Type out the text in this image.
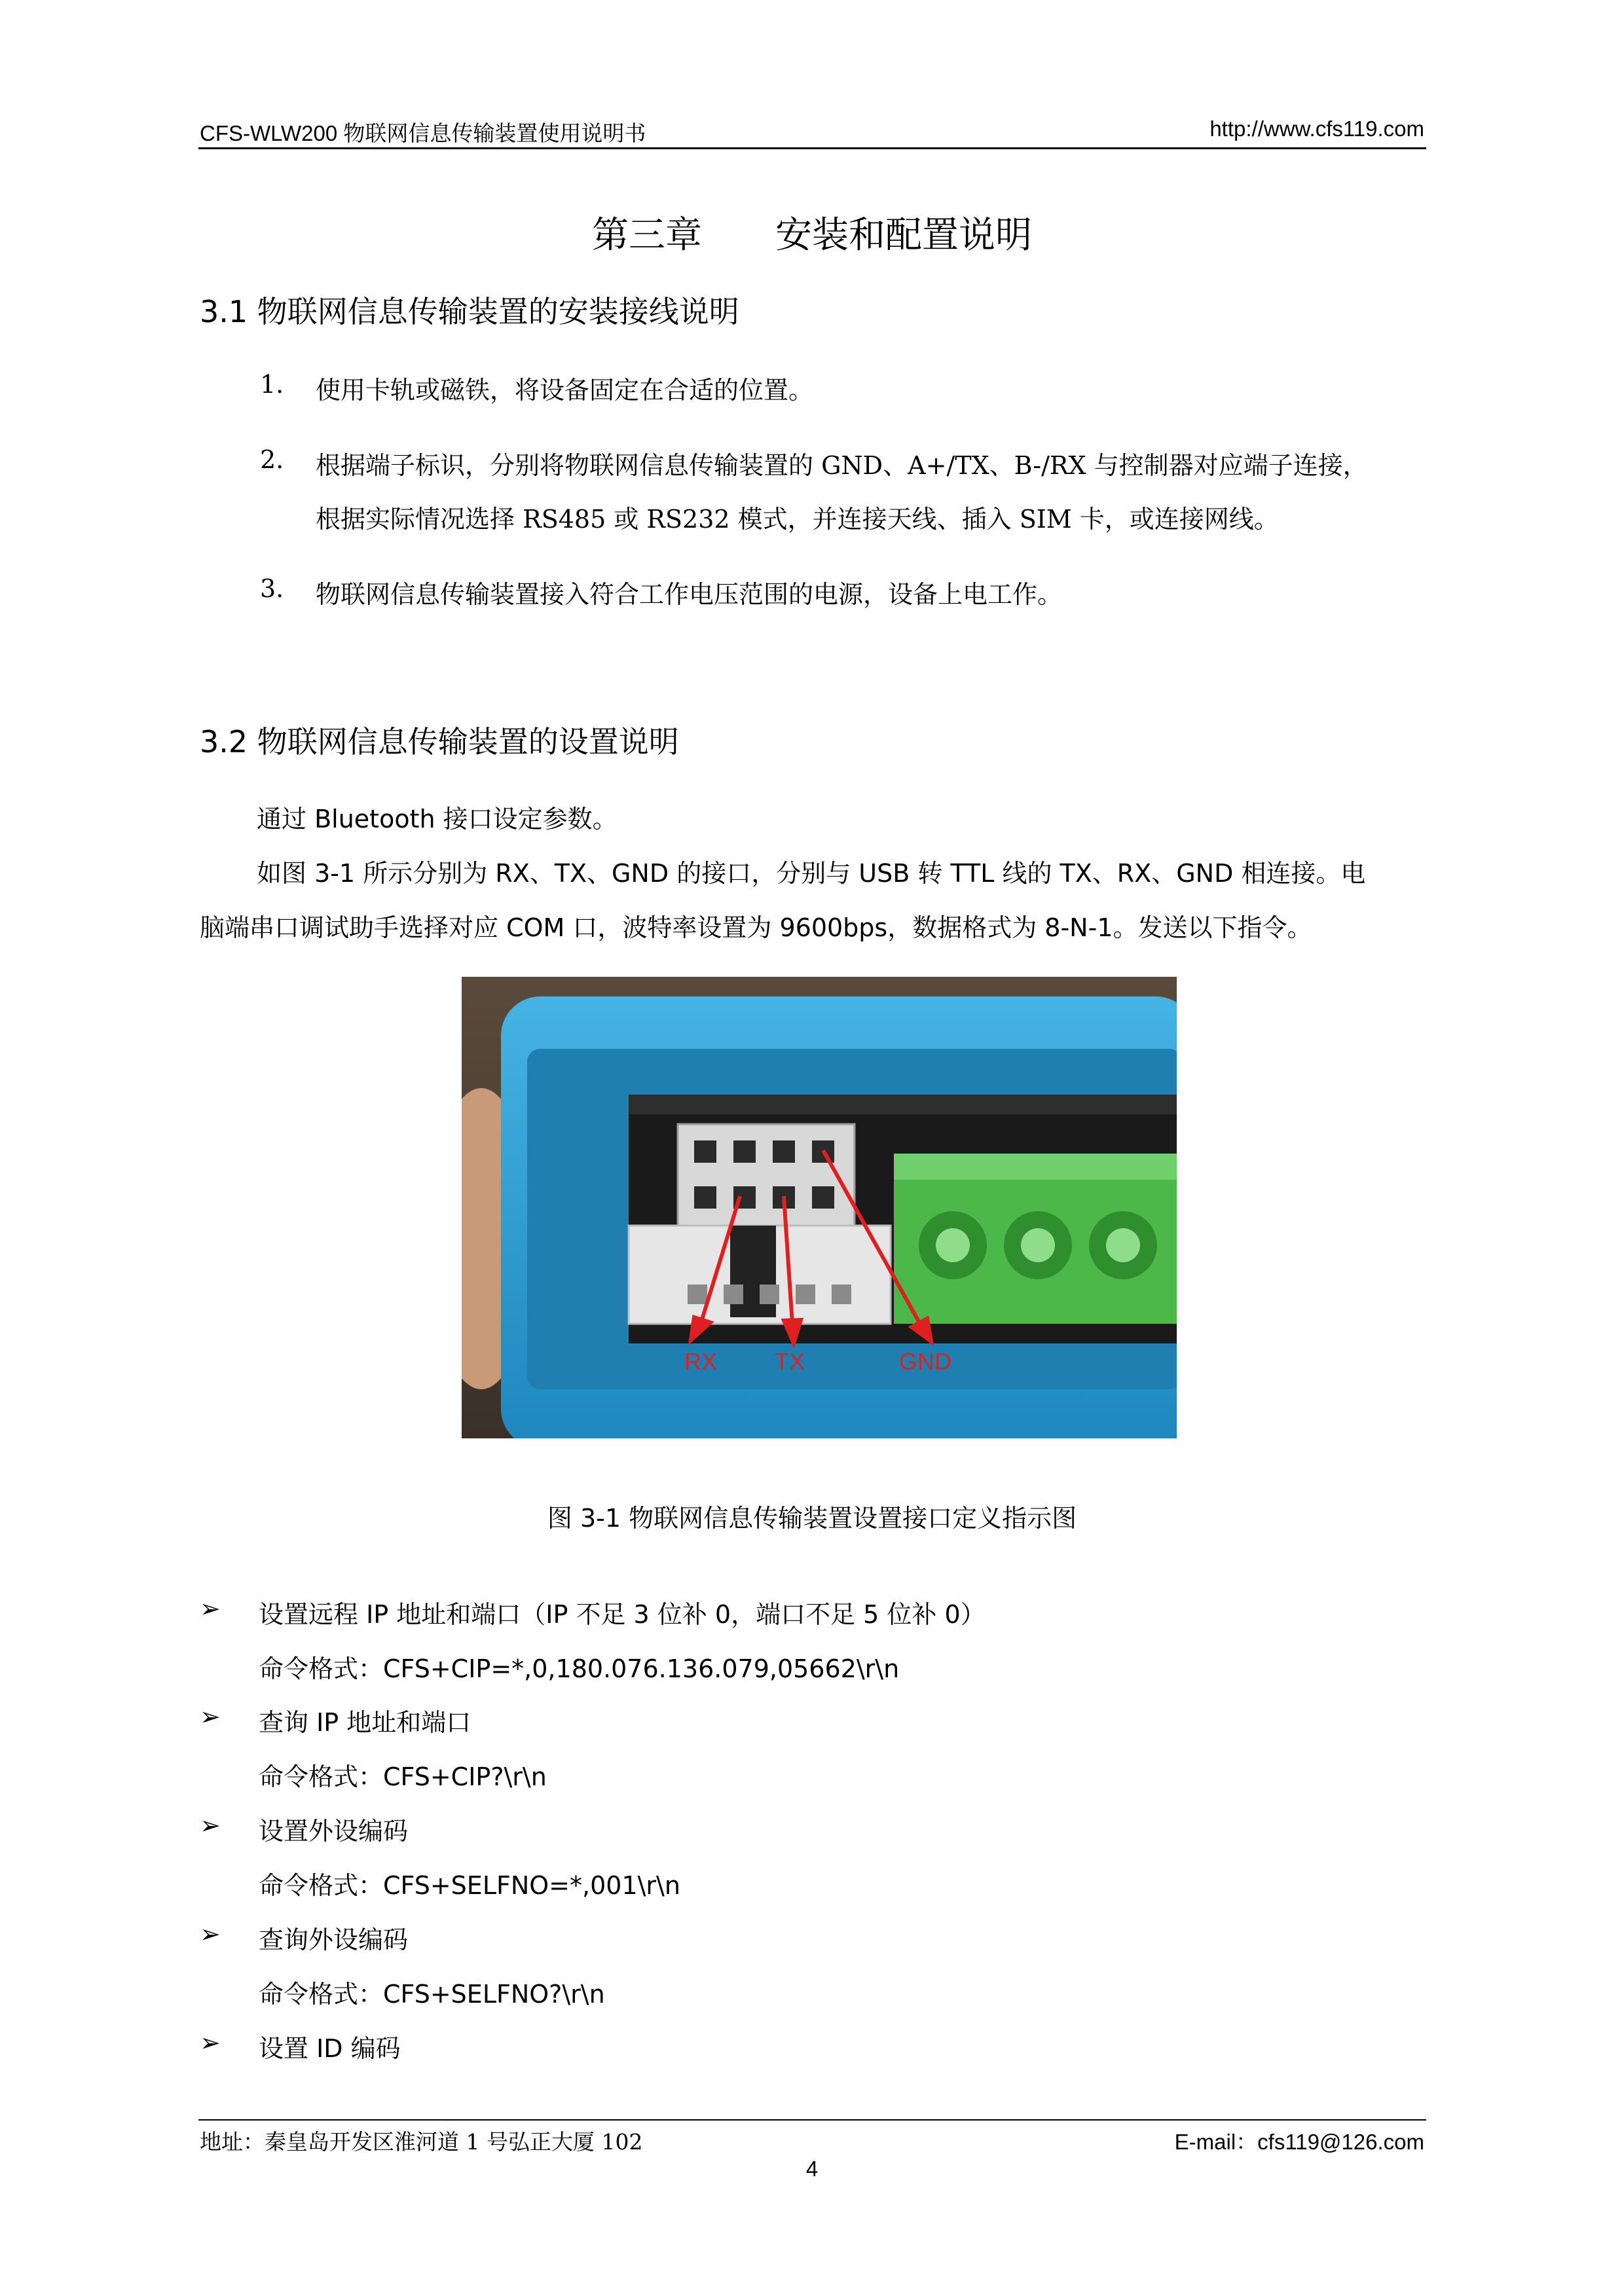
CFS-WLW200 物联网信息传输装置使用说明书	http://www.cfs119.com
第三章　　安装和配置说明
3.1 物联网信息传输装置的安装接线说明
1. 使用卡轨或磁铁，将设备固定在合适的位置。
2. 根据端子标识，分别将物联网信息传输装置的 GND、A+/TX、B-/RX 与控制器对应端子连接，
根据实际情况选择 RS485 或 RS232 模式，并连接天线、插入 SIM 卡，或连接网线。
3. 物联网信息传输装置接入符合工作电压范围的电源，设备上电工作。
3.2 物联网信息传输装置的设置说明
通过 Bluetooth 接口设定参数。
如图 3-1 所示分别为 RX、TX、GND 的接口，分别与 USB 转 TTL 线的 TX、RX、GND 相连接。电
脑端串口调试助手选择对应 COM 口，波特率设置为 9600bps，数据格式为 8-N-1。发送以下指令。
RX TX	GND
图 3-1 物联网信息传输装置设置接口定义指示图
➢ 设置远程 IP 地址和端口（IP 不足 3 位补 0，端口不足 5 位补 0）
命令格式：CFS+CIP=*,0,180.076.136.079,05662\r\n
➢ 查询 IP 地址和端口
命令格式：CFS+CIP?\r\n
➢ 设置外设编码
命令格式：CFS+SELFNO=*,001\r\n
➢ 查询外设编码
命令格式：CFS+SELFNO?\r\n
➢ 设置 ID 编码
地址：秦皇岛开发区淮河道 1 号弘正大厦 102	E-mail：cfs119@126.com
4
